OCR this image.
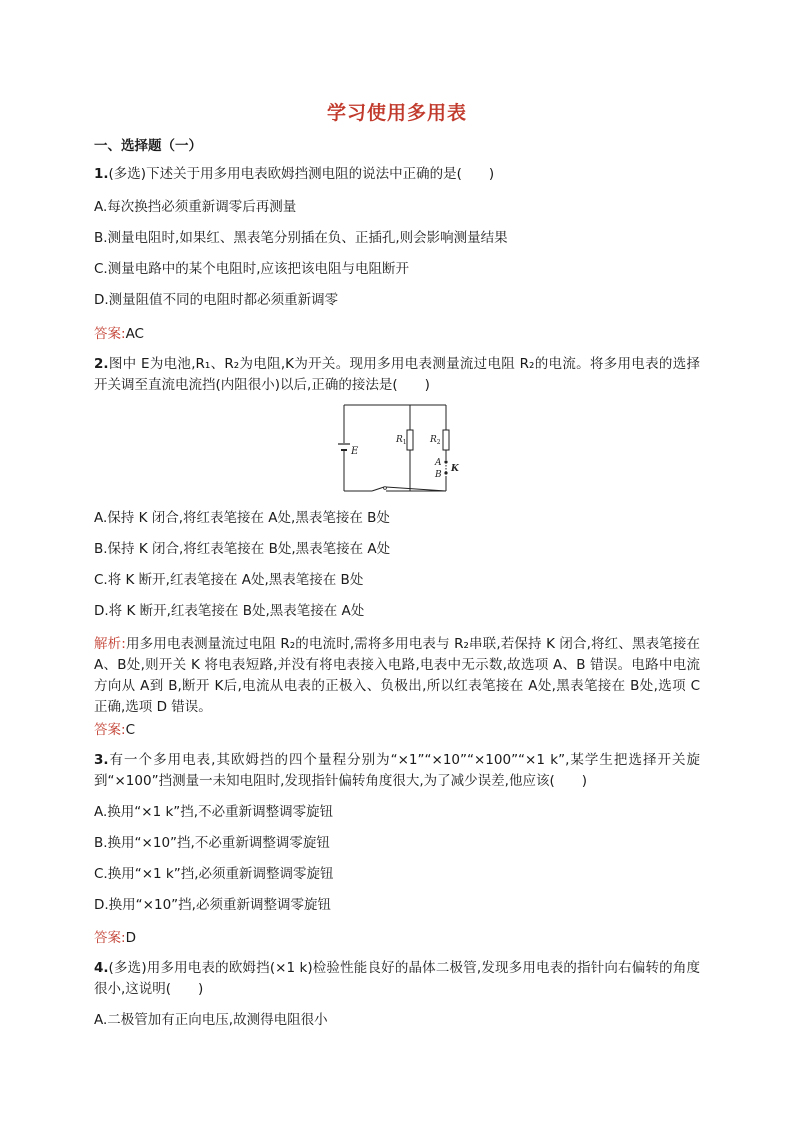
学习使用多用表
一、选择题（一）
1.(多选)下述关于用多用电表欧姆挡测电阻的说法中正确的是(　　)
A.每次换挡必须重新调零后再测量
B.测量电阻时,如果红、黑表笔分别插在负、正插孔,则会影响测量结果
C.测量电路中的某个电阻时,应该把该电阻与电阻断开
D.测量阻值不同的电阻时都必须重新调零
答案:AC
2.图中 E为电池,R₁、R₂为电阻,K为开关。现用多用电表测量流过电阻 R₂的电流。将多用电表的选择开关调至直流电流挡(内阻很小)以后,正确的接法是(　　)
E
$R_1$	$R_2$
A
B
K
A.保持 K 闭合,将红表笔接在 A处,黑表笔接在 B处
B.保持 K 闭合,将红表笔接在 B处,黑表笔接在 A处
C.将 K 断开,红表笔接在 A处,黑表笔接在 B处
D.将 K 断开,红表笔接在 B处,黑表笔接在 A处
解析:用多用电表测量流过电阻 R₂的电流时,需将多用电表与 R₂串联,若保持 K 闭合,将红、黑表笔接在 A、B处,则开关 K 将电表短路,并没有将电表接入电路,电表中无示数,故选项 A、B 错误。电路中电流方向从 A到 B,断开 K后,电流从电表的正极入、负极出,所以红表笔接在 A处,黑表笔接在 B处,选项 C 正确,选项 D 错误。
答案:C
3.有一个多用电表,其欧姆挡的四个量程分别为“×1”“×10”“×100”“×1 k”,某学生把选择开关旋到“×100”挡测量一未知电阻时,发现指针偏转角度很大,为了减少误差,他应该(　　)
A.换用“×1 k”挡,不必重新调整调零旋钮
B.换用“×10”挡,不必重新调整调零旋钮
C.换用“×1 k”挡,必须重新调整调零旋钮
D.换用“×10”挡,必须重新调整调零旋钮
答案:D
4.(多选)用多用电表的欧姆挡(×1 k)检验性能良好的晶体二极管,发现多用电表的指针向右偏转的角度很小,这说明(　　)
A.二极管加有正向电压,故测得电阻很小
